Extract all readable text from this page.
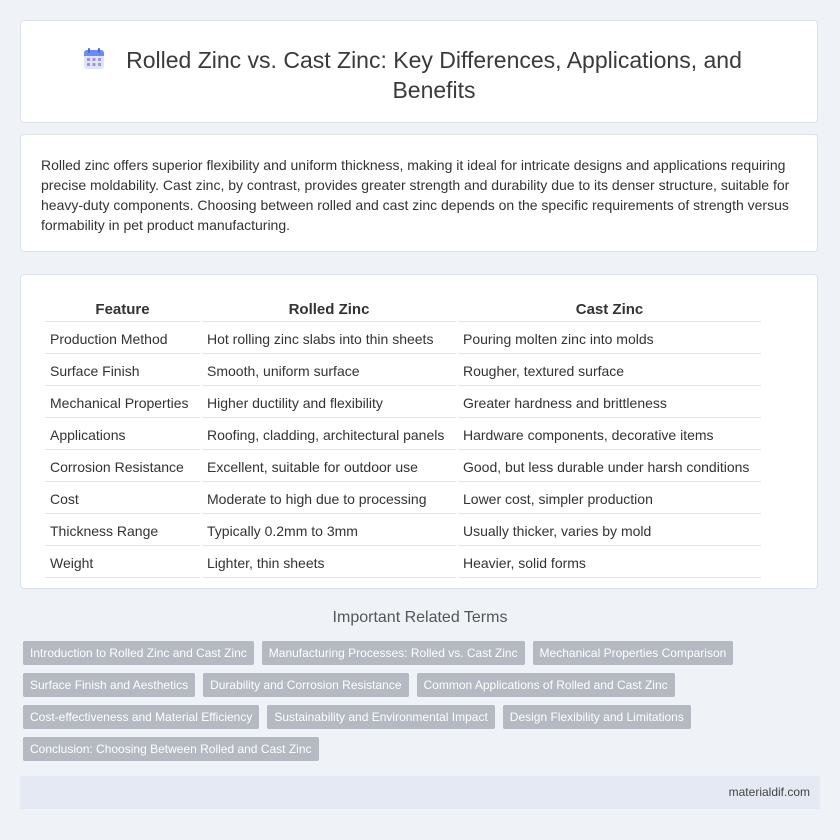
Rolled Zinc vs. Cast Zinc: Key Differences, Applications, and Benefits

Rolled zinc offers superior flexibility and uniform thickness, making it ideal for intricate designs and applications requiring precise moldability. Cast zinc, by contrast, provides greater strength and durability due to its denser structure, suitable for heavy-duty components. Choosing between rolled and cast zinc depends on the specific requirements of strength versus formability in pet product manufacturing.

Feature	Rolled Zinc	Cast Zinc
Production Method	Hot rolling zinc slabs into thin sheets	Pouring molten zinc into molds
Surface Finish	Smooth, uniform surface	Rougher, textured surface
Mechanical Properties	Higher ductility and flexibility	Greater hardness and brittleness
Applications	Roofing, cladding, architectural panels	Hardware components, decorative items
Corrosion Resistance	Excellent, suitable for outdoor use	Good, but less durable under harsh conditions
Cost	Moderate to high due to processing	Lower cost, simpler production
Thickness Range	Typically 0.2mm to 3mm	Usually thicker, varies by mold
Weight	Lighter, thin sheets	Heavier, solid forms
Important Related Terms
Introduction to Rolled Zinc and Cast Zinc	Manufacturing Processes: Rolled vs. Cast Zinc	Mechanical Properties Comparison
Surface Finish and Aesthetics	Durability and Corrosion Resistance	Common Applications of Rolled and Cast Zinc
Cost-effectiveness and Material Efficiency	Sustainability and Environmental Impact	Design Flexibility and Limitations
Conclusion: Choosing Between Rolled and Cast Zinc
materialdif.com
